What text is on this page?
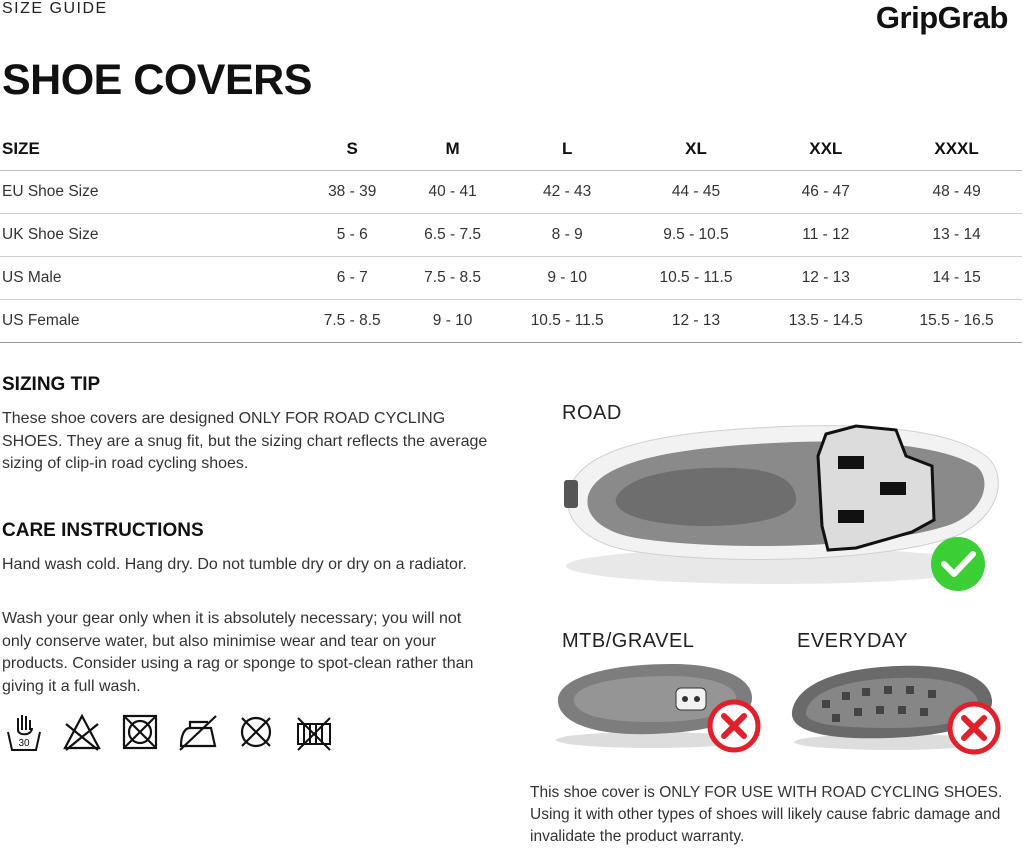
SIZE GUIDE	GripGrab
SHOE COVERS
SIZE	S	M	L	XL	XXL	XXXL
EU Shoe Size	38 - 39	40 - 41	42 - 43	44 - 45	46 - 47	48 - 49
UK Shoe Size	5 - 6	6.5 - 7.5	8 - 9	9.5 - 10.5	11 - 12	13 - 14
US Male	6 - 7	7.5 - 8.5	9 - 10	10.5 - 11.5	12 - 13	14 - 15
US Female	7.5 - 8.5	9 - 10	10.5 - 11.5	12 - 13	13.5 - 14.5	15.5 - 16.5
SIZING TIP
These shoe covers are designed ONLY FOR ROAD CYCLING SHOES. They are a snug fit, but the sizing chart reflects the average sizing of clip-in road cycling shoes.
CARE INSTRUCTIONS
Hand wash cold. Hang dry. Do not tumble dry or dry on a radiator.
Wash your gear only when it is absolutely necessary; you will not only conserve water, but also minimise wear and tear on your products. Consider using a rag or sponge to spot-clean rather than giving it a full wash.
30
ROAD
MTB/GRAVEL	EVERYDAY
This shoe cover is ONLY FOR USE WITH ROAD CYCLING SHOES. Using it with other types of shoes will likely cause fabric damage and invalidate the product warranty.
